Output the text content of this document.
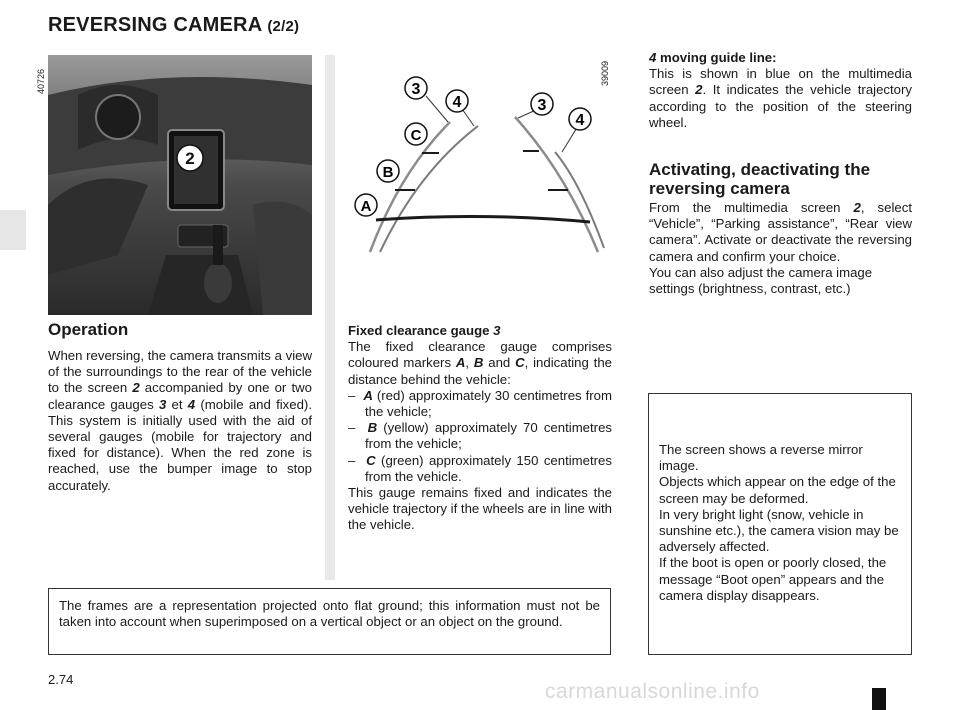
REVERSING CAMERA (2/2)
40726
2
39009
3
4	3
4
C
B
A
Operation
When reversing, the camera transmits a view of the surroundings to the rear of the vehicle to the screen 2 accompanied by one or two clearance gauges 3 et 4 (mobile and fixed). This system is initially used with the aid of several gauges (mobile for trajectory and fixed for distance). When the red zone is reached, use the bumper image to stop accurately.
Fixed clearance gauge 3
The fixed clearance gauge comprises coloured markers A, B and C, indicating the distance behind the vehicle:
– A (red) approximately 30 centimetres from the vehicle;
– B (yellow) approximately 70 centimetres from the vehicle;
– C (green) approximately 150 centimetres from the vehicle.
This gauge remains fixed and indicates the vehicle trajectory if the wheels are in line with the vehicle.
4 moving guide line:
This is shown in blue on the multimedia screen 2. It indicates the vehicle trajectory according to the position of the steering wheel.
Activating, deactivating the reversing camera
From the multimedia screen 2, select “Vehicle”, “Parking assistance”, “Rear view camera”. Activate or deactivate the reversing camera and confirm your choice.
You can also adjust the camera image settings (brightness, contrast, etc.)
The frames are a representation projected onto flat ground; this information must not be taken into account when superimposed on a vertical object or an object on the ground.
The screen shows a reverse mirror image.
Objects which appear on the edge of the screen may be deformed.
In very bright light (snow, vehicle in sunshine etc.), the camera vision may be adversely affected.
If the boot is open or poorly closed, the message “Boot open” appears and the camera display disappears.
2.74
carmanualsonline.info
